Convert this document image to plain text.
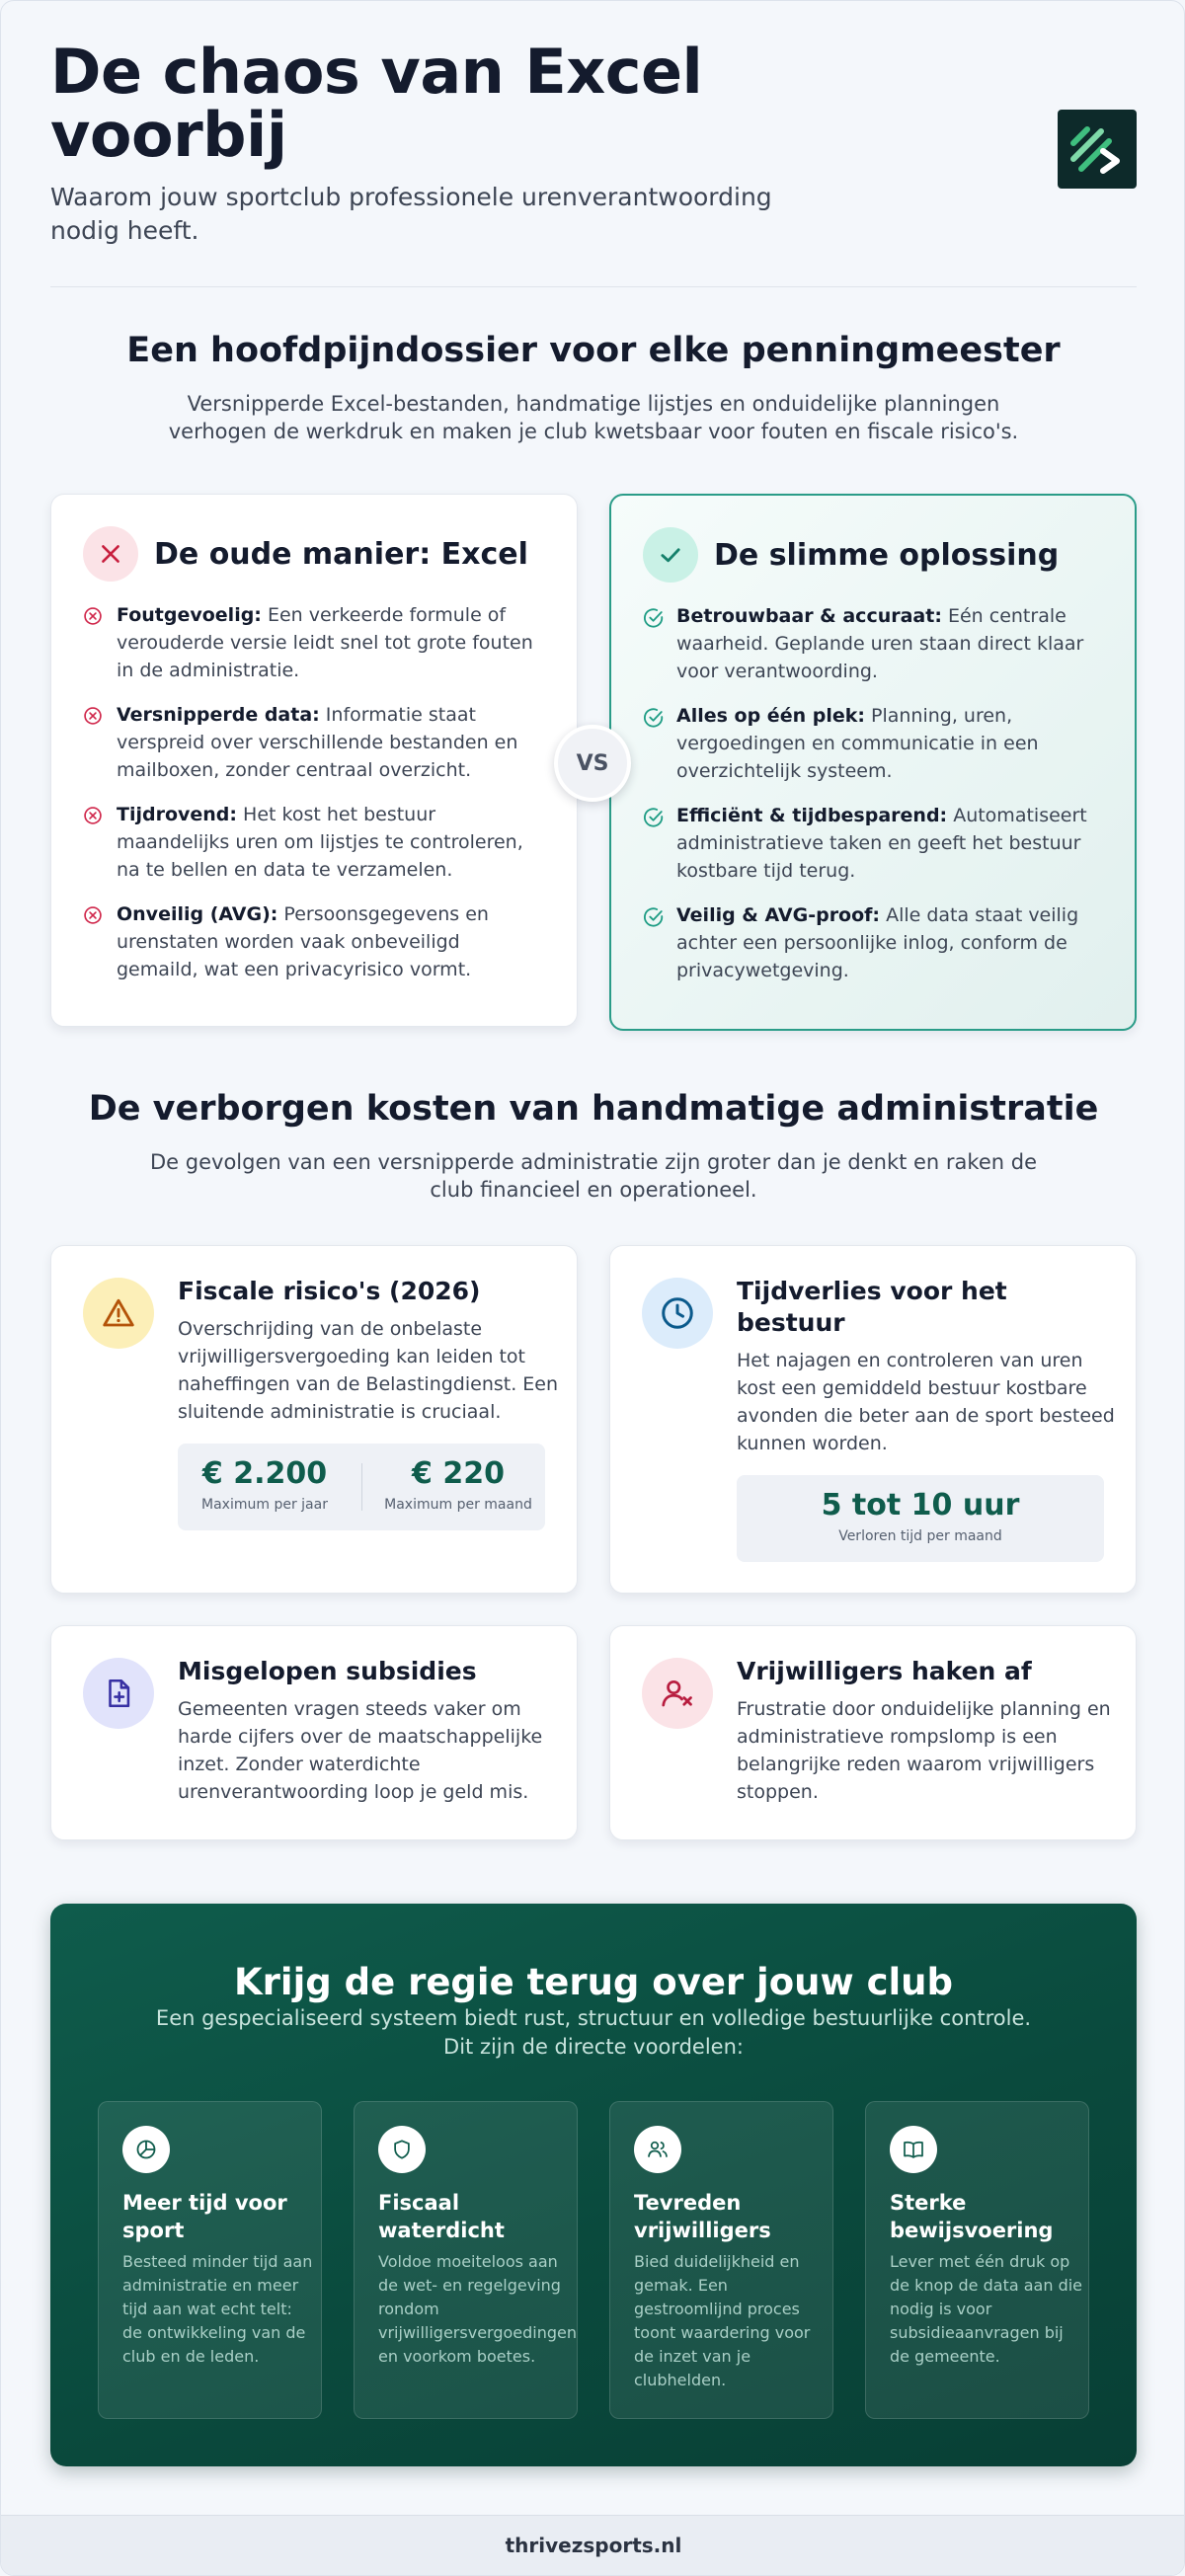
De chaos van Excel voorbij

Waarom jouw sportclub professionele urenverantwoording nodig heeft.

Een hoofdpijndossier voor elke penningmeester

Versnipperde Excel-bestanden, handmatige lijstjes en onduidelijke planningen verhogen de werkdruk en maken je club kwetsbaar voor fouten en fiscale risico's.

De oude manier: Excel
Foutgevoelig: Een verkeerde formule of verouderde versie leidt snel tot grote fouten in de administratie.
Versnipperde data: Informatie staat verspreid over verschillende bestanden en mailboxen, zonder centraal overzicht.
Tijdrovend: Het kost het bestuur maandelijks uren om lijstjes te controleren, na te bellen en data te verzamelen.
Onveilig (AVG): Persoonsgegevens en urenstaten worden vaak onbeveiligd gemaild, wat een privacyrisico vormt.
De slimme oplossing
Betrouwbaar & accuraat: Eén centrale waarheid. Geplande uren staan direct klaar voor verantwoording.
Alles op één plek: Planning, uren, vergoedingen en communicatie in een overzichtelijk systeem.
Efficiënt & tijdbesparend: Automatiseert administratieve taken en geeft het bestuur kostbare tijd terug.
Veilig & AVG-proof: Alle data staat veilig achter een persoonlijke inlog, conform de privacywetgeving.
VS
De verborgen kosten van handmatige administratie

De gevolgen van een versnipperde administratie zijn groter dan je denkt en raken de club financieel en operationeel.

Fiscale risico's (2026)
Overschrijding van de onbelaste vrijwilligersvergoeding kan leiden tot naheffingen van de Belastingdienst. Een sluitende administratie is cruciaal.
€ 2.200
Maximum per jaar
€ 220
Maximum per maand
Tijdverlies voor het bestuur
Het najagen en controleren van uren kost een gemiddeld bestuur kostbare avonden die beter aan de sport besteed kunnen worden.
5 tot 10 uur
Verloren tijd per maand
Misgelopen subsidies
Gemeenten vragen steeds vaker om harde cijfers over de maatschappelijke inzet. Zonder waterdichte urenverantwoording loop je geld mis.
Vrijwilligers haken af
Frustratie door onduidelijke planning en administratieve rompslomp is een belangrijke reden waarom vrijwilligers stoppen.
Krijg de regie terug over jouw club

Een gespecialiseerd systeem biedt rust, structuur en volledige bestuurlijke controle. Dit zijn de directe voordelen:

Meer tijd voor sport
Besteed minder tijd aan administratie en meer tijd aan wat echt telt: de ontwikkeling van de club en de leden.
Fiscaal waterdicht
Voldoe moeiteloos aan de wet- en regelgeving rondom vrijwilligersvergoedingen en voorkom boetes.
Tevreden vrijwilligers
Bied duidelijkheid en gemak. Een gestroomlijnd proces toont waardering voor de inzet van je clubhelden.
Sterke bewijsvoering
Lever met één druk op de knop de data aan die nodig is voor subsidieaanvragen bij de gemeente.
thrivezsports.nl
